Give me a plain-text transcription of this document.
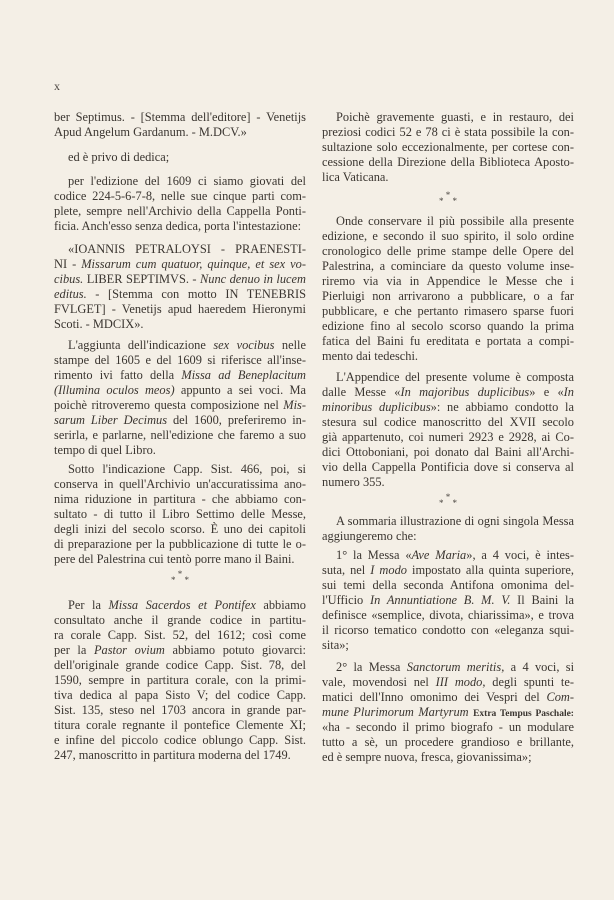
x
*
*  *
ber Septimus. - [Stemma dell'editore] - Venetijs
Apud Angelum Gardanum. - M.DCV.»
ed è privo di dedica;
per l'edizione del 1609 ci siamo giovati del
codice 224-5-6-7-8, nelle sue cinque parti com-
plete, sempre nell'Archivio della Cappella Ponti-
ficia. Anch'esso senza dedica, porta l'intestazione:
«IOANNIS PETRALOYSI - PRAENESTI-
NI - Missarum cum quatuor, quinque, et sex vo-
cibus. LIBER SEPTIMVS. - Nunc denuo in lucem
editus. - [Stemma con motto IN TENEBRIS
FVLGET] - Venetijs apud haeredem Hieronymi
Scoti. - MDCIX».
L'aggiunta dell'indicazione sex vocibus nelle
stampe del 1605 e del 1609 si riferisce all'inse-
rimento ivi fatto della Missa ad Beneplacitum
(Illumina oculos meos) appunto a sei voci. Ma
poichè ritroveremo questa composizione nel Mis-
sarum Liber Decimus del 1600, preferiremo in-
serirla, e parlarne, nell'edizione che faremo a suo
tempo di quel Libro.
Sotto l'indicazione Capp. Sist. 466, poi, si
conserva in quell'Archivio un'accuratissima ano-
nima riduzione in partitura - che abbiamo con-
sultato - di tutto il Libro Settimo delle Messe,
degli inizi del secolo scorso. È uno dei capitoli
di preparazione per la pubblicazione di tutte le o-
pere del Palestrina cui tentò porre mano il Baini.
Per la Missa Sacerdos et Pontifex abbiamo
consultato anche il grande codice in partitu-
ra corale Capp. Sist. 52, del 1612; così come
per la Pastor ovium abbiamo potuto giovarci:
dell'originale grande codice Capp. Sist. 78, del
1590, sempre in partitura corale, con la primi-
tiva dedica al papa Sisto V; del codice Capp.
Sist. 135, steso nel 1703 ancora in grande par-
titura corale regnante il pontefice Clemente XI;
e infine del piccolo codice oblungo Capp. Sist.
247, manoscritto in partitura moderna del 1749.
*
*  *
*
*  *
Poichè gravemente guasti, e in restauro, dei
preziosi codici 52 e 78 ci è stata possibile la con-
sultazione solo eccezionalmente, per cortese con-
cessione della Direzione della Biblioteca Aposto-
lica Vaticana.
Onde conservare il più possibile alla presente
edizione, e secondo il suo spirito, il solo ordine
cronologico delle prime stampe delle Opere del
Palestrina, a cominciare da questo volume inse-
riremo via via in Appendice le Messe che i
Pierluigi non arrivarono a pubblicare, o a far
pubblicare, e che pertanto rimasero sparse fuori
edizione fino al secolo scorso quando la prima
fatica del Baini fu ereditata e portata a compi-
mento dai tedeschi.
L'Appendice del presente volume è composta
dalle Messe «In majoribus duplicibus» e «In
minoribus duplicibus»: ne abbiamo condotto la
stesura sul codice manoscritto del XVII secolo
già appartenuto, coi numeri 2923 e 2928, ai Co-
dici Ottoboniani, poi donato dal Baini all'Archi-
vio della Cappella Pontificia dove si conserva al
numero 355.
A sommaria illustrazione di ogni singola Messa
aggiungeremo che:
1° la Messa «Ave Maria», a 4 voci, è intes-
suta, nel I modo impostato alla quinta superiore,
sui temi della seconda Antifona omonima del-
l'Ufficio In Annuntiatione B. M. V. Il Baini la
definisce «semplice, divota, chiarissima», e trova
il ricorso tematico condotto con «eleganza squi-
sita»;
2° la Messa Sanctorum meritis, a 4 voci, si
vale, movendosi nel III modo, degli spunti te-
matici dell'Inno omonimo dei Vespri del Com-
mune Plurimorum Martyrum Extra Tempus Paschale:
«ha - secondo il primo biografo - un modulare
tutto a sè, un procedere grandioso e brillante,
ed è sempre nuova, fresca, giovanissima»;
